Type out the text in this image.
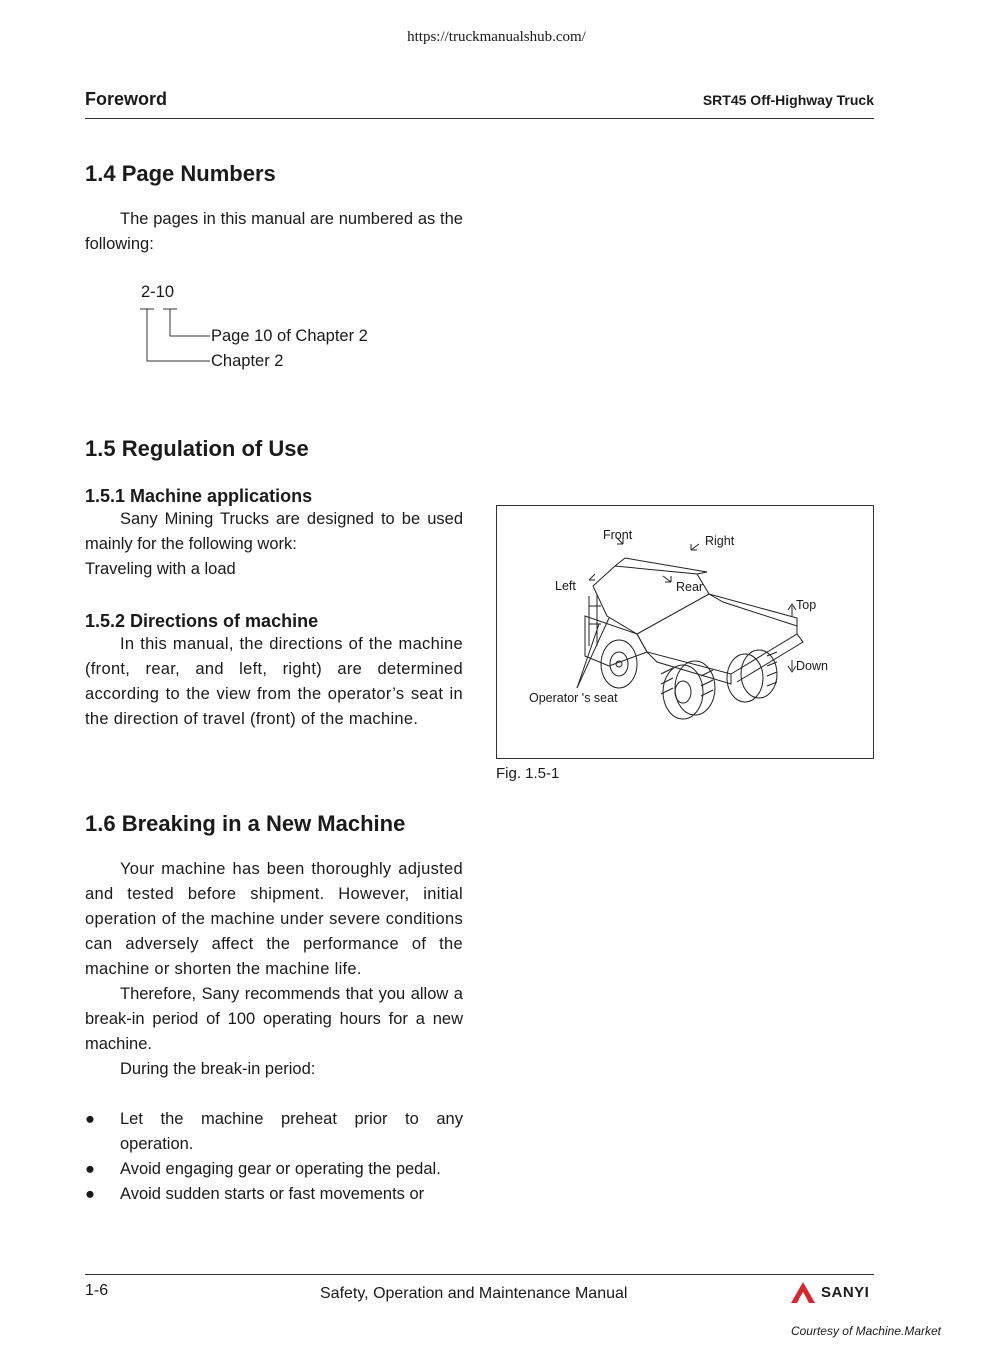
https://truckmanualshub.com/
Foreword	SRT45 Off-Highway Truck
1.4 Page Numbers

The pages in this manual are numbered as the following:

2-10
Page 10 of Chapter 2
Chapter 2
1.5 Regulation of Use
1.5.1 Machine applications

Sany Mining Trucks are designed to be used mainly for the following work:

Traveling with a load

1.5.2 Directions of machine

In this manual, the directions of the machine (front, rear, and left, right) are determined according to the view from the operator’s seat in the direction of travel (front) of the machine.

Front	Right
Left	Rear
Top
Down
Operator 's seat
Fig. 1.5-1
1.6 Breaking in a New Machine

Your machine has been thoroughly adjusted and tested before shipment. However, initial operation of the machine under severe conditions can adversely affect the performance of the machine or shorten the machine life.

Therefore, Sany recommends that you allow a break-in period of 100 operating hours for a new machine.

During the break-in period:

● Let the machine preheat prior to any operation.
● Avoid engaging gear or operating the pedal.
● Avoid sudden starts or fast movements or
1-6	Safety, Operation and Maintenance Manual	SANYI
Courtesy of Machine.Market
